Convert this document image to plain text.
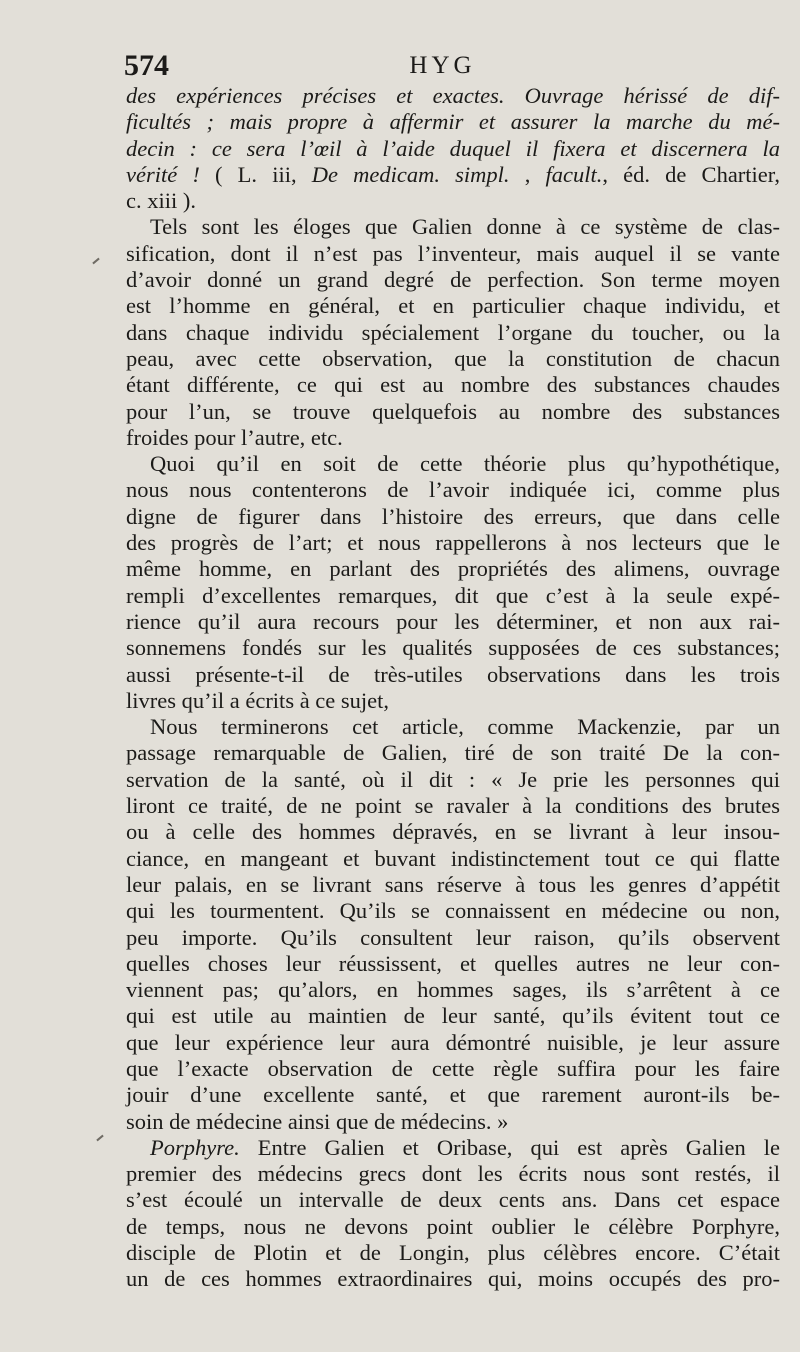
574	HYG
des expériences précises et exactes. Ouvrage hérissé de dif-
ficultés ; mais propre à affermir et assurer la marche du mé-
decin : ce sera l’œil à l’aide duquel il fixera et discernera la
vérité ! ( L. iii, De medicam. simpl. , facult., éd. de Chartier,
c. xiii ).
Tels sont les éloges que Galien donne à ce système de clas-
sification, dont il n’est pas l’inventeur, mais auquel il se vante
d’avoir donné un grand degré de perfection. Son terme moyen
est l’homme en général, et en particulier chaque individu, et
dans chaque individu spécialement l’organe du toucher, ou la
peau, avec cette observation, que la constitution de chacun
étant différente, ce qui est au nombre des substances chaudes
pour l’un, se trouve quelquefois au nombre des substances
froides pour l’autre, etc.
Quoi qu’il en soit de cette théorie plus qu’hypothétique,
nous nous contenterons de l’avoir indiquée ici, comme plus
digne de figurer dans l’histoire des erreurs, que dans celle
des progrès de l’art; et nous rappellerons à nos lecteurs que le
même homme, en parlant des propriétés des alimens, ouvrage
rempli d’excellentes remarques, dit que c’est à la seule expé-
rience qu’il aura recours pour les déterminer, et non aux rai-
sonnemens fondés sur les qualités supposées de ces substances;
aussi présente-t-il de très-utiles observations dans les trois
livres qu’il a écrits à ce sujet,
Nous terminerons cet article, comme Mackenzie, par un
passage remarquable de Galien, tiré de son traité De la con-
servation de la santé, où il dit : « Je prie les personnes qui
liront ce traité, de ne point se ravaler à la conditions des brutes
ou à celle des hommes dépravés, en se livrant à leur insou-
ciance, en mangeant et buvant indistinctement tout ce qui flatte
leur palais, en se livrant sans réserve à tous les genres d’appétit
qui les tourmentent. Qu’ils se connaissent en médecine ou non,
peu importe. Qu’ils consultent leur raison, qu’ils observent
quelles choses leur réussissent, et quelles autres ne leur con-
viennent pas; qu’alors, en hommes sages, ils s’arrêtent à ce
qui est utile au maintien de leur santé, qu’ils évitent tout ce
que leur expérience leur aura démontré nuisible, je leur assure
que l’exacte observation de cette règle suffira pour les faire
jouir d’une excellente santé, et que rarement auront-ils be-
soin de médecine ainsi que de médecins. »
Porphyre. Entre Galien et Oribase, qui est après Galien le
premier des médecins grecs dont les écrits nous sont restés, il
s’est écoulé un intervalle de deux cents ans. Dans cet espace
de temps, nous ne devons point oublier le célèbre Porphyre,
disciple de Plotin et de Longin, plus célèbres encore. C’était
un de ces hommes extraordinaires qui, moins occupés des pro-
